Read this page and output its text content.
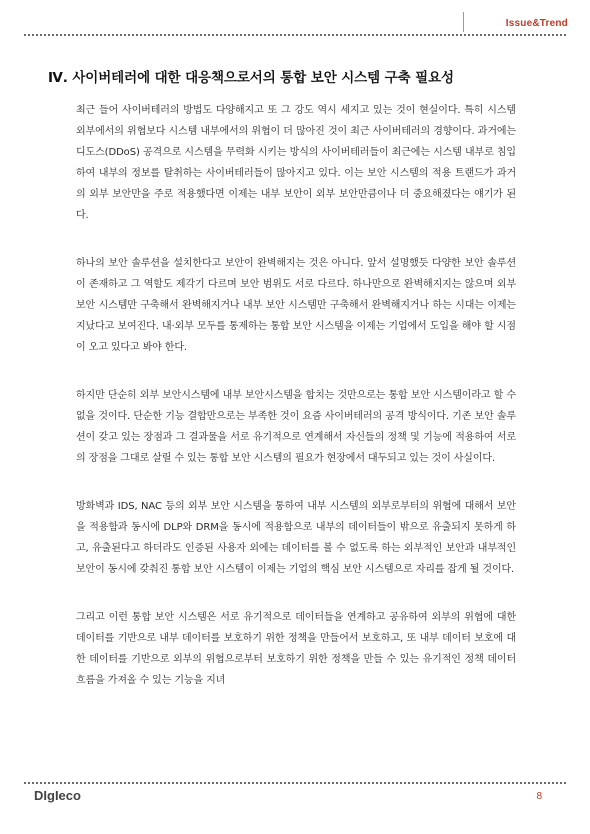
Issue&Trend
Ⅳ. 사이버테러에 대한 대응책으로서의 통합 보안 시스템 구축 필요성

최근 들어 사이버테러의 방법도 다양해지고 또 그 강도 역시 세지고 있는 것이 현실이다. 특히 시스템 외부에서의 위협보다 시스템 내부에서의 위협이 더 많아진 것이 최근 사이버테러의 경향이다. 과거에는 디도스(DDoS) 공격으로 시스템을 무력화 시키는 방식의 사이버테러들이 최근에는 시스템 내부로 침입하여 내부의 정보를 탈취하는 사이버테러들이 많아지고 있다. 이는 보안 시스템의 적용 트랜드가 과거의 외부 보안만을 주로 적용했다면 이제는 내부 보안이 외부 보안만큼이나 더 중요해졌다는 얘기가 된다.

하나의 보안 솔루션을 설치한다고 보안이 완벽해지는 것은 아니다. 앞서 설명했듯 다양한 보안 솔루션이 존재하고 그 역할도 제각기 다르며 보안 범위도 서로 다르다. 하나만으로 완벽해지지는 않으며 외부 보안 시스템만 구축해서 완벽해지거나 내부 보안 시스템만 구축해서 완벽해지거나 하는 시대는 이제는 지났다고 보여진다. 내·외부 모두를 통제하는 통합 보안 시스템을 이제는 기업에서 도입을 해야 할 시점이 오고 있다고 봐야 한다.

하지만 단순히 외부 보안시스템에 내부 보안시스템을 합치는 것만으로는 통합 보안 시스템이라고 할 수 없을 것이다. 단순한 기능 결합만으로는 부족한 것이 요즘 사이버테러의 공격 방식이다. 기존 보안 솔루션이 갖고 있는 장점과 그 결과물을 서로 유기적으로 연계해서 자신들의 정책 및 기능에 적용하여 서로의 장점을 그대로 살릴 수 있는 통합 보안 시스템의 필요가 현장에서 대두되고 있는 것이 사실이다.

방화벽과 IDS, NAC 등의 외부 보안 시스템을 통하여 내부 시스템의 외부로부터의 위협에 대해서 보안을 적용함과 동시에 DLP와 DRM을 동시에 적용함으로 내부의 데이터들이 밖으로 유출되지 못하게 하고, 유출된다고 하더라도 인증된 사용자 외에는 데이터를 볼 수 없도록 하는 외부적인 보안과 내부적인 보안이 동시에 갖춰진 통합 보안 시스템이 이제는 기업의 핵심 보안 시스템으로 자리를 잡게 될 것이다.

그리고 이런 통합 보안 시스템은 서로 유기적으로 데이터들을 연계하고 공유하여 외부의 위협에 대한 데이터를 기반으로 내부 데이터를 보호하기 위한 정책을 만들어서 보호하고, 또 내부 데이터 보호에 대한 데이터를 기반으로 외부의 위협으로부터 보호하기 위한 정책을 만들 수 있는 유기적인 정책 데이터 흐름을 가져올 수 있는 기능을 지녀

DIgIeco	8
